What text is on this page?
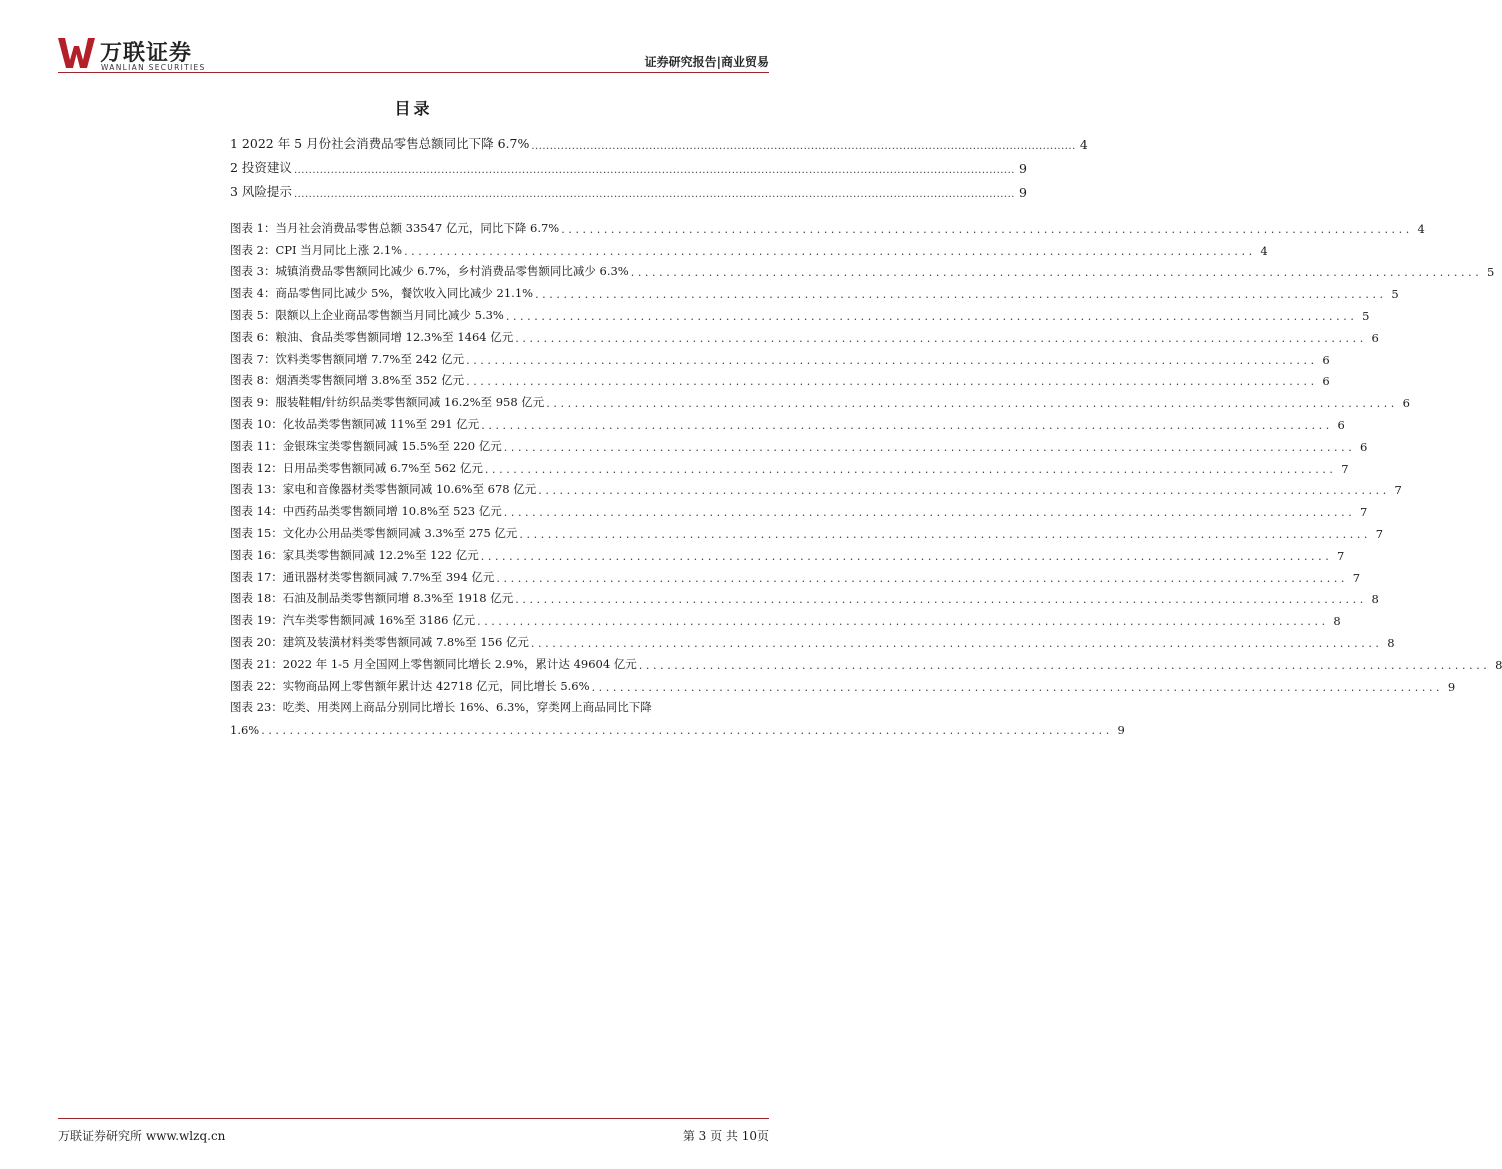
万联证券
WANLIAN SECURITIES	证券研究报告|商业贸易
目录
1 2022 年 5 月份社会消费品零售总额同比下降 6.7% .................................................................................................................................................... 4
2 投资建议 .................................................................................................................................................................................................... 9
3 风险提示 .................................................................................................................................................................................................... 9
图表 1：当月社会消费品零售总额 33547 亿元，同比下降 6.7% ........................................................................................................................ 4
图表 2：CPI 当月同比上涨 2.1% ........................................................................................................................ 4
图表 3：城镇消费品零售额同比减少 6.7%，乡村消费品零售额同比减少 6.3% ........................................................................................................................ 5
图表 4：商品零售同比减少 5%，餐饮收入同比减少 21.1% ........................................................................................................................ 5
图表 5：限额以上企业商品零售额当月同比减少 5.3% ........................................................................................................................ 5
图表 6：粮油、食品类零售额同增 12.3%至 1464 亿元 ........................................................................................................................ 6
图表 7：饮料类零售额同增 7.7%至 242 亿元 ........................................................................................................................ 6
图表 8：烟酒类零售额同增 3.8%至 352 亿元 ........................................................................................................................ 6
图表 9：服装鞋帽/针纺织品类零售额同减 16.2%至 958 亿元 ........................................................................................................................ 6
图表 10：化妆品类零售额同减 11%至 291 亿元 ........................................................................................................................ 6
图表 11：金银珠宝类零售额同减 15.5%至 220 亿元 ........................................................................................................................ 6
图表 12：日用品类零售额同减 6.7%至 562 亿元 ........................................................................................................................ 7
图表 13：家电和音像器材类零售额同减 10.6%至 678 亿元 ........................................................................................................................ 7
图表 14：中西药品类零售额同增 10.8%至 523 亿元 ........................................................................................................................ 7
图表 15：文化办公用品类零售额同减 3.3%至 275 亿元 ........................................................................................................................ 7
图表 16：家具类零售额同减 12.2%至 122 亿元 ........................................................................................................................ 7
图表 17：通讯器材类零售额同减 7.7%至 394 亿元 ........................................................................................................................ 7
图表 18：石油及制品类零售额同增 8.3%至 1918 亿元 ........................................................................................................................ 8
图表 19：汽车类零售额同减 16%至 3186 亿元 ........................................................................................................................ 8
图表 20：建筑及装潢材料类零售额同减 7.8%至 156 亿元 ........................................................................................................................ 8
图表 21：2022 年 1-5 月全国网上零售额同比增长 2.9%，累计达 49604 亿元 ........................................................................................................................ 8
图表 22：实物商品网上零售额年累计达 42718 亿元，同比增长 5.6% ........................................................................................................................ 9
图表 23：吃类、用类网上商品分别同比增长 16%、6.3%，穿类网上商品同比下降
1.6% ........................................................................................................................ 9
万联证券研究所 www.wlzq.cn	第 3 页 共 10页
